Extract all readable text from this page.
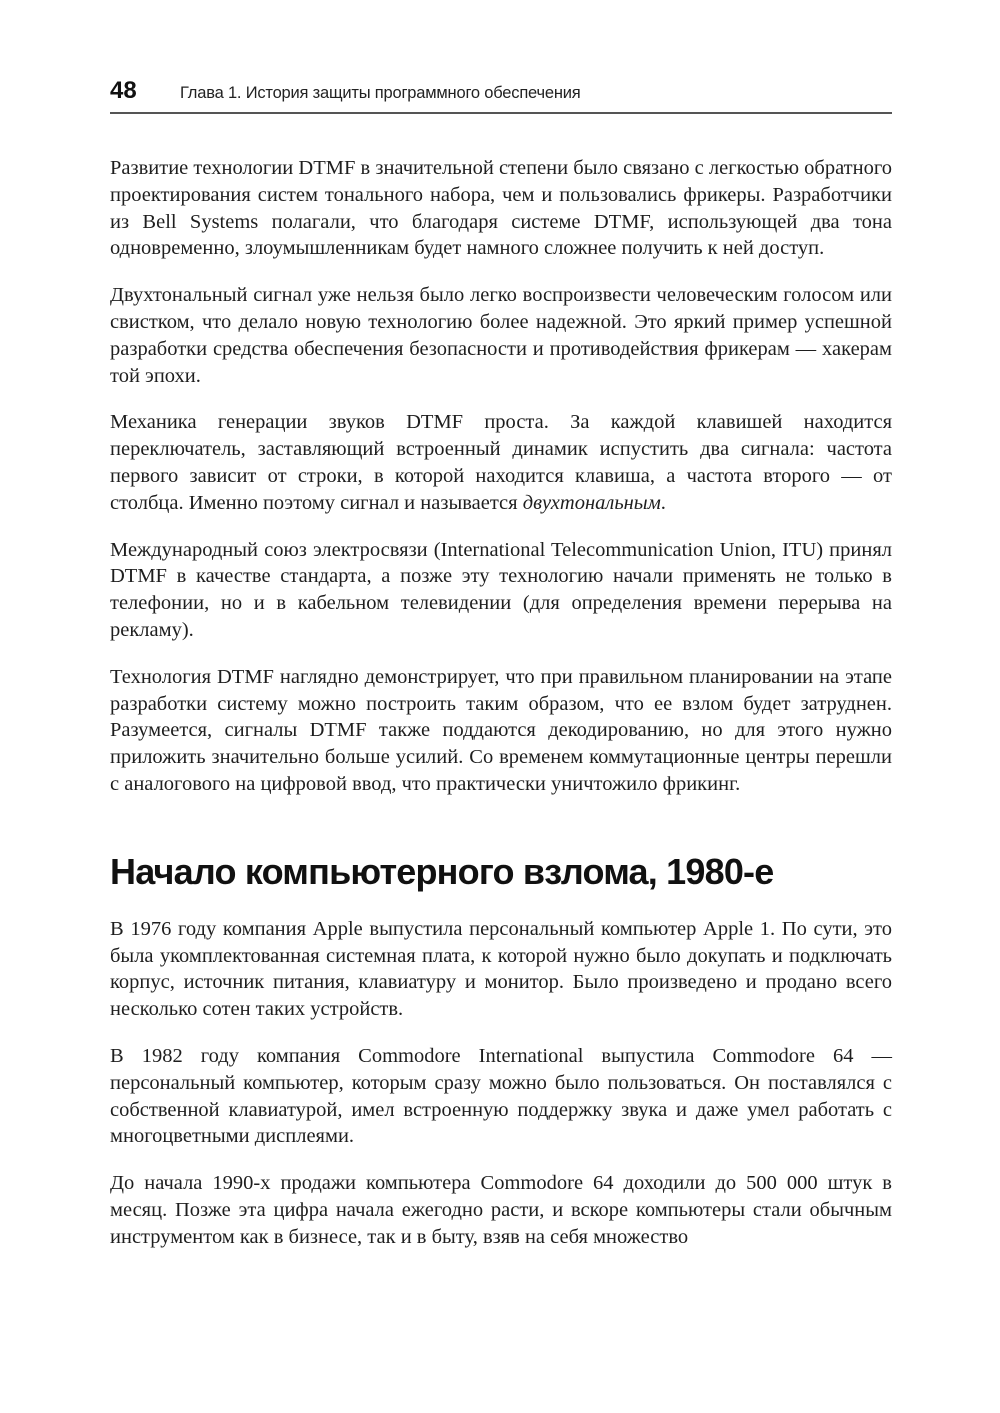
48	Глава 1. История защиты программного обеспечения

Развитие технологии DTMF в значительной степени было связано с легкостью обратного проектирования систем тонального набора, чем и пользовались фрикеры. Разработчики из Bell Systems полагали, что благодаря системе DTMF, использующей два тона одновременно, злоумышленникам будет намного сложнее получить к ней доступ.

Двухтональный сигнал уже нельзя было легко воспроизвести человеческим голосом или свистком, что делало новую технологию более надежной. Это яркий пример успешной разработки средства обеспечения безопасности и противодействия фрикерам — хакерам той эпохи.

Механика генерации звуков DTMF проста. За каждой клавишей находится переключатель, заставляющий встроенный динамик испустить два сигнала: частота первого зависит от строки, в которой находится клавиша, а частота второго — от столбца. Именно поэтому сигнал и называется двухтональным.

Международный союз электросвязи (International Telecommunication Union, ITU) принял DTMF в качестве стандарта, а позже эту технологию начали применять не только в телефонии, но и в кабельном телевидении (для определения времени перерыва на рекламу).

Технология DTMF наглядно демонстрирует, что при правильном планировании на этапе разработки систему можно построить таким образом, что ее взлом будет затруднен. Разумеется, сигналы DTMF также поддаются декодированию, но для этого нужно приложить значительно больше усилий. Со временем коммутационные центры перешли с аналогового на цифровой ввод, что практически уничтожило фрикинг.

Начало компьютерного взлома, 1980-е

В 1976 году компания Apple выпустила персональный компьютер Apple 1. По сути, это была укомплектованная системная плата, к которой нужно было докупать и подключать корпус, источник питания, клавиатуру и монитор. Было произведено и продано всего несколько сотен таких устройств.

В 1982 году компания Commodore International выпустила Commodore 64 — персональный компьютер, которым сразу можно было пользоваться. Он поставлялся с собственной клавиатурой, имел встроенную поддержку звука и даже умел работать с многоцветными дисплеями.

До начала 1990-х продажи компьютера Commodore 64 доходили до 500 000 штук в месяц. Позже эта цифра начала ежегодно расти, и вскоре компьютеры стали обычным инструментом как в бизнесе, так и в быту, взяв на себя множество
